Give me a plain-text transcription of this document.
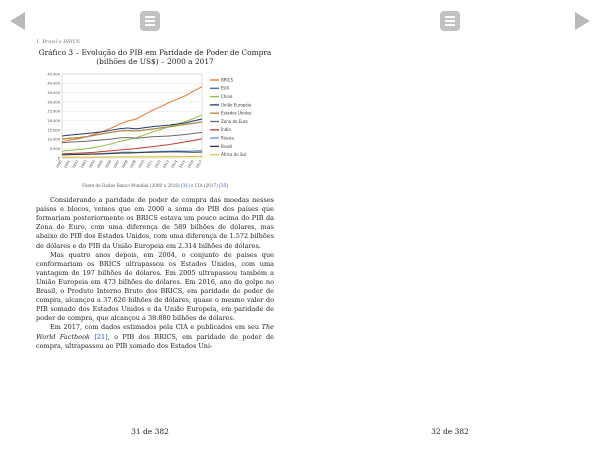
1. Brasil e BRICS
Gráfico 3 – Evolução do PIB em Paridade de Poder de Compra
(bilhões de US$) – 2000 a 2017
0
5.000
10.000
15.000
20.000
25.000
30.000
35.000
40.000
45.000
2000 2001 2002 2003 2004 2005 2006 2007 2008 2009 2010 2011 2012 2013 2014 2015 2016 2017
BRICS
EUA
China
União Européia
Estados Unidos
Zona do Euro
Índia
Rússia
Brasil
África do Sul
Fonte de Dados Banco Mundial (2000 a 2016) [31] e CIA (2017) [35]

Considerando a paridade de poder de compra das moedas nesses países e blocos, vemos que em 2000 a soma do PIB dos países que formariam posteriormente os BRICS estava um pouco acima do PIB da Zona do Euro, com uma diferença de 589 bilhões de dólares, mas abaixo do PIB dos Estados Unidos, com uma diferença de 1.572 bilhões de dólares e do PIB da União Europeia em 2.314 bilhões de dólares.

Mas quatro anos depois, em 2004, o conjunto de países que conformariam os BRICS ultrapassou os Estados Unidos, com uma vantagem de 197 bilhões de dólares. Em 2005 ultrapassou também a União Europeia em 473 bilhões de dólares. Em 2016, ano do golpe no Brasil, o Produto Interno Bruto dos BRICS, em paridade de poder de compra, alcançou a 37.626 bilhões de dólares, quase o mesmo valor do PIB somado dos Estados Unidos e da União Europeia, em paridade de poder de compra, que alcançou a 38.880 bilhões de dólares.

Em 2017, com dados estimados pela CIA e publicados em seu The World Factbook [21], o PIB dos BRICS, em paridade de poder de compra, ultrapassou ao PIB somado dos Estados Uni-

31 de 382	32 de 382
